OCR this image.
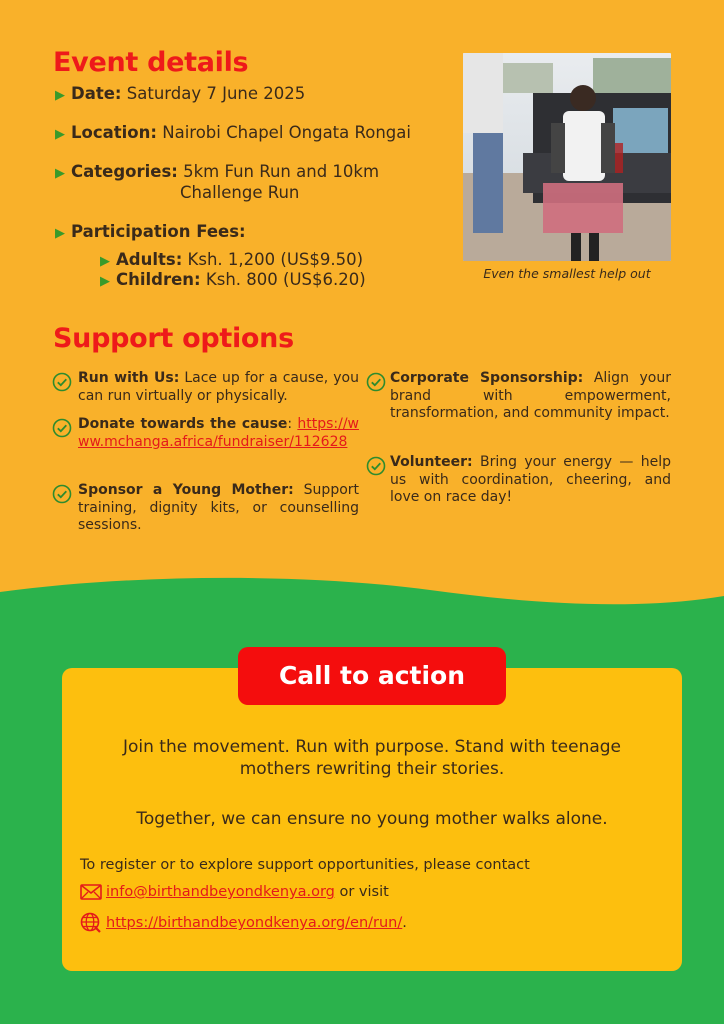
Event details
▶ Date: Saturday 7 June 2025
▶ Location: Nairobi Chapel Ongata Rongai
▶ Categories: 5km Fun Run and 10km
Challenge Run
▶ Participation Fees:
▶ Adults: Ksh. 1,200 (US$9.50)
▶ Children: Ksh. 800 (US$6.20)	Even the smallest help out
Support options
Run with Us: Lace up for a cause, you can run virtually or physically.
Donate towards the cause: https://www.mchanga.africa/fundraiser/112628
Sponsor a Young Mother: Support training, dignity kits, or counselling sessions.
Corporate Sponsorship: Align your brand with empowerment, transformation, and community impact.
Volunteer: Bring your energy — help us with coordination, cheering, and love on race day!
Call to action
Join the movement. Run with purpose. Stand with teenage
mothers rewriting their stories.
Together, we can ensure no young mother walks alone.
To register or to explore support opportunities, please contact
info@birthandbeyondkenya.org or visit
https://birthandbeyondkenya.org/en/run/.
